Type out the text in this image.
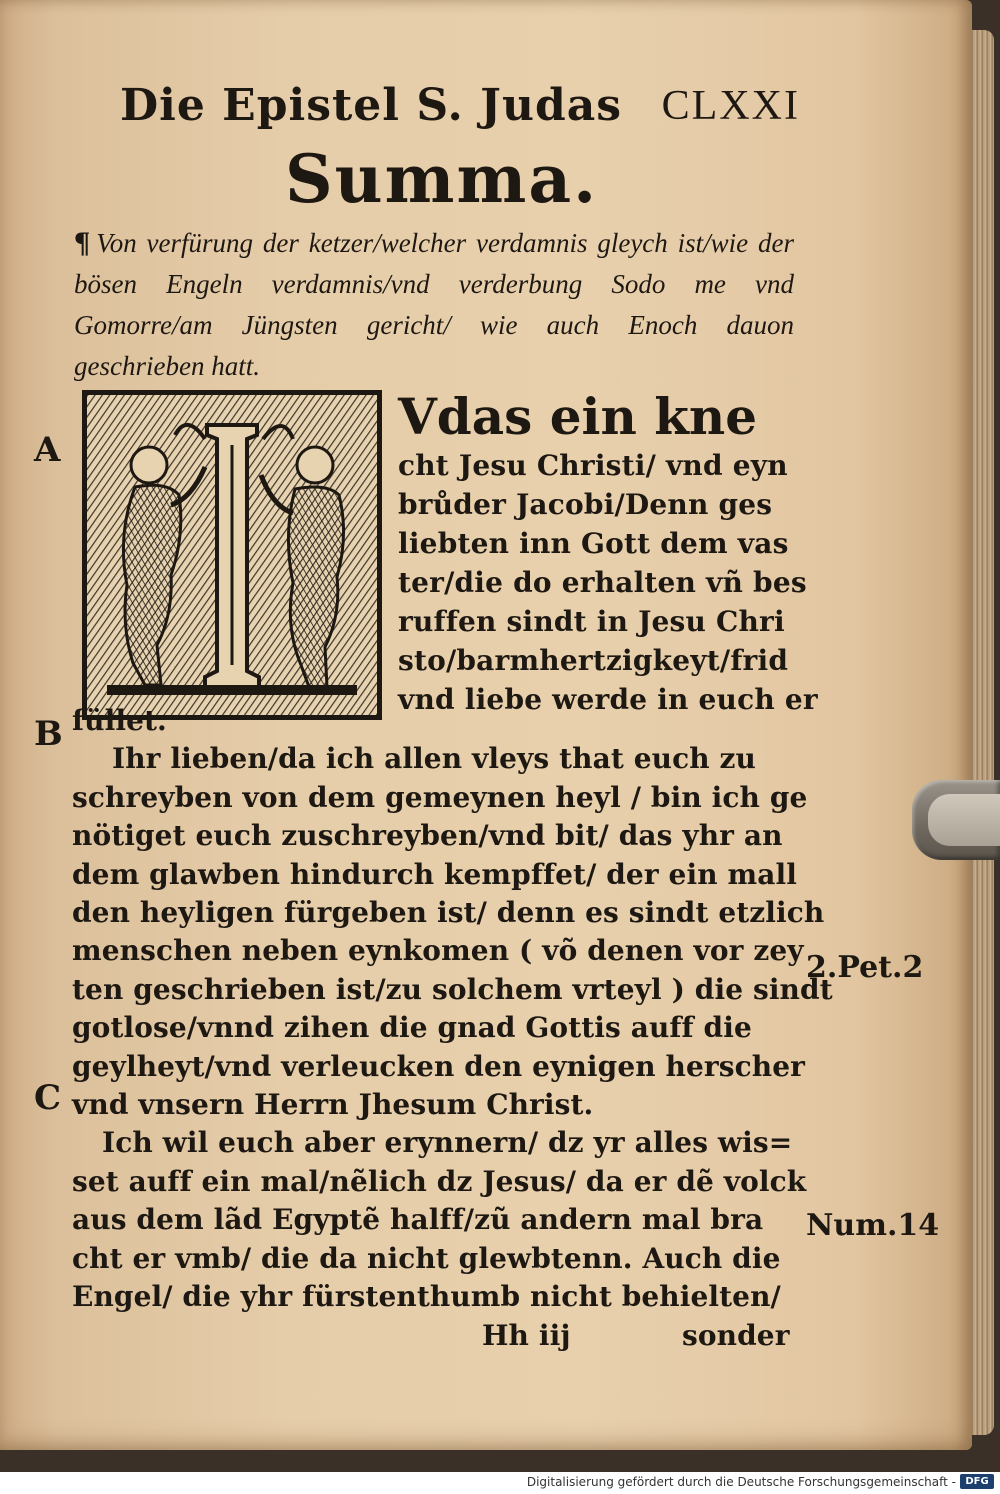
Die Epistel S. Judas CLXXI
Summa.
¶ Von verfürung der ketzer/welcher verdamnis gleych ist/wie der bösen Engeln verdamnis/vnd verderbung Sodo me vnd Gomorre/am Jüngsten gericht/ wie auch Enoch dauon geschrieben hatt.
A
B
C
Vdas ein kne
cht Jesu Christi/ vnd eyn
brůder Jacobi/Denn ges
liebten inn Gott dem vas
ter/die do erhalten vñ bes
ruffen sindt in Jesu Chri
sto/barmhertzigkeyt/frid
vnd liebe werde in euch er
füllet.
Ihr lieben/da ich allen vleys that euch zu
schreyben von dem gemeynen heyl / bin ich ge
nötiget euch zuschreyben/vnd bit/ das yhr an
dem glawben hindurch kempffet/ der ein mall
den heyligen fürgeben ist/ denn es sindt etzlich
menschen neben eynkomen ( võ denen vor zey
ten geschrieben ist/zu solchem vrteyl ) die sindt
gotlose/vnnd zihen die gnad Gottis auff die
geylheyt/vnd verleucken den eynigen herscher
vnd vnsern Herrn Jhesum Christ.
Ich wil euch aber erynnern/ dz yr alles wis=
set auff ein mal/nẽlich dz Jesus/ da er dẽ volck
aus dem lãd Egyptẽ halff/zũ andern mal bra
cht er vmb/ die da nicht glewbtenn. Auch die
Engel/ die yhr fürstenthumb nicht behielten/
Hh iij	sonder
2.Pet.2
Num.14
Digitalisierung gefördert durch die Deutsche Forschungsgemeinschaft - DFG
